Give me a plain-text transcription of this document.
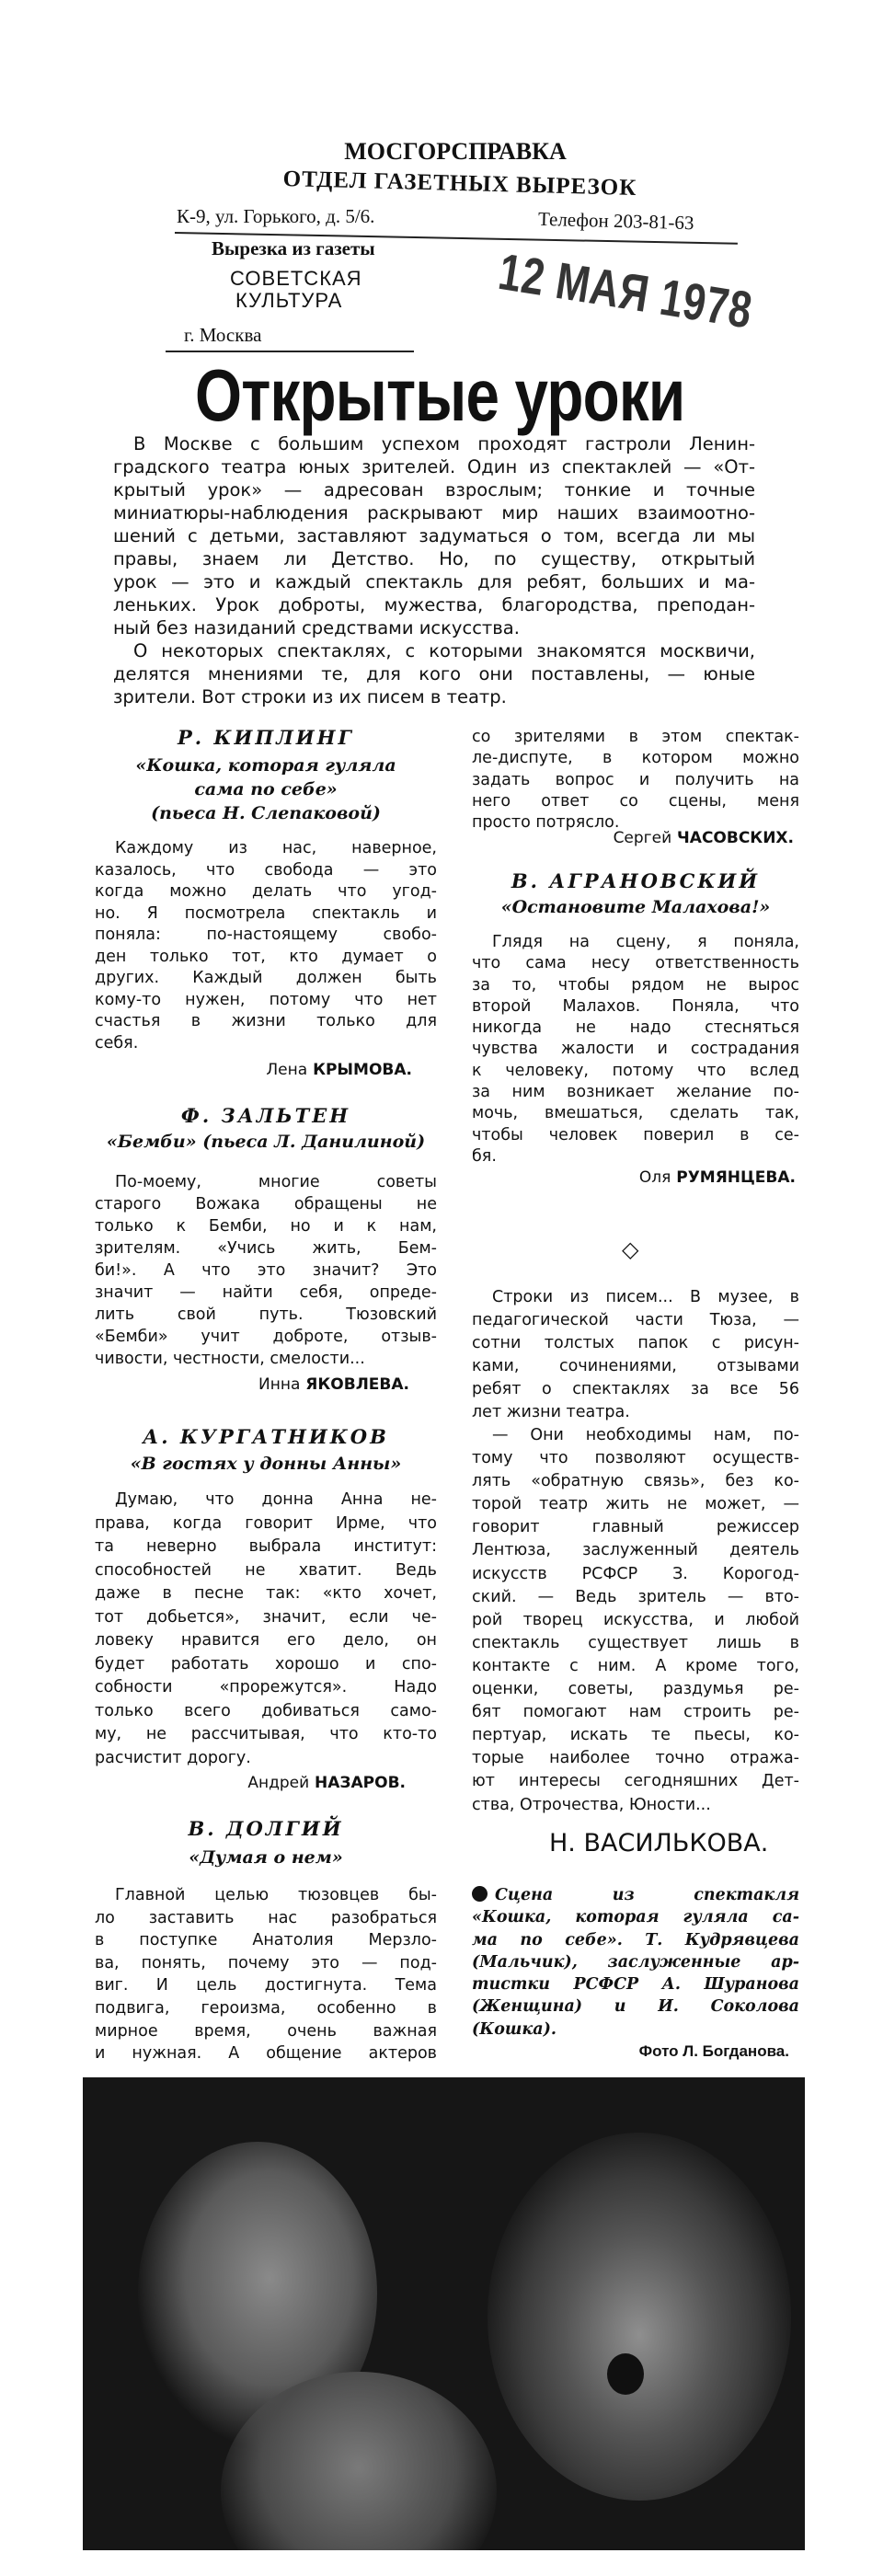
МОСГОРСПРАВКА
ОТДЕЛ ГАЗЕТНЫХ ВЫРЕЗОК
К-9, ул. Горького, д. 5/6.	Телефон 203-81-63
Вырезка из газеты
СОВЕТСКАЯ
КУЛЬТУРА
г. Москва	12 МАЯ 1978
Открытые уроки
В Москве с большим успехом проходят гастроли Ленин-
градского театра юных зрителей. Один из спектаклей — «От-
крытый урок» — адресован взрослым; тонкие и точные
миниатюры-наблюдения раскрывают мир наших взаимоотно-
шений с детьми, заставляют задуматься о том, всегда ли мы
правы, знаем ли Детство. Но, по существу, открытый
урок — это и каждый спектакль для ребят, больших и ма-
леньких. Урок доброты, мужества, благородства, преподан-
ный без назиданий средствами искусства.
О некоторых спектаклях, с которыми знакомятся москвичи,
делятся мнениями те, для кого они поставлены, — юные
зрители. Вот строки из их писем в театр.
Р. КИПЛИНГ
«Кошка, которая гуляла
сама по себе»
(пьеса Н. Слепаковой)
Каждому из нас, наверное,
казалось, что свобода — это
когда можно делать что угод-
но. Я посмотрела спектакль и
поняла: по-настоящему свобо-
ден только тот, кто думает о
других. Каждый должен быть
кому-то нужен, потому что нет
счастья в жизни только для
себя.
Лена КРЫМОВА.
Ф. ЗАЛЬТЕН
«Бемби» (пьеса Л. Данилиной)
По-моему, многие советы
старого Вожака обращены не
только к Бемби, но и к нам,
зрителям. «Учись жить, Бем-
би!». А что это значит? Это
значит — найти себя, опреде-
лить свой путь. Тюзовский
«Бемби» учит доброте, отзыв-
чивости, честности, смелости...
Инна ЯКОВЛЕВА.
А. КУРГАТНИКОВ
«В гостях у донны Анны»
Думаю, что донна Анна не-
права, когда говорит Ирме, что
та неверно выбрала институт:
способностей не хватит. Ведь
даже в песне так: «кто хочет,
тот добьется», значит, если че-
ловеку нравится его дело, он
будет работать хорошо и спо-
собности «прорежутся». Надо
только всего добиваться само-
му, не рассчитывая, что кто-то
расчистит дорогу.
Андрей НАЗАРОВ.
В. ДОЛГИЙ
«Думая о нем»
Главной целью тюзовцев бы-
ло заставить нас разобраться
в поступке Анатолия Мерзло-
ва, понять, почему это — под-
виг. И цель достигнута. Тема
подвига, героизма, особенно в
мирное время, очень важная
и нужная. А общение актеров
со зрителями в этом спектак-
ле-диспуте, в котором можно
задать вопрос и получить на
него ответ со сцены, меня
просто потрясло.
Сергей ЧАСОВСКИХ.
В. АГРАНОВСКИЙ
«Остановите Малахова!»
Глядя на сцену, я поняла,
что сама несу ответственность
за то, чтобы рядом не вырос
второй Малахов. Поняла, что
никогда не надо стесняться
чувства жалости и сострадания
к человеку, потому что вслед
за ним возникает желание по-
мочь, вмешаться, сделать так,
чтобы человек поверил в се-
бя.
Оля РУМЯНЦЕВА.
◇
Строки из писем... В музее, в
педагогической части Тюза, —
сотни толстых папок с рисун-
ками, сочинениями, отзывами
ребят о спектаклях за все 56
лет жизни театра.
— Они необходимы нам, по-
тому что позволяют осуществ-
лять «обратную связь», без ко-
торой театр жить не может, —
говорит главный режиссер
Лентюза, заслуженный деятель
искусств РСФСР З. Корогод-
ский. — Ведь зритель — вто-
рой творец искусства, и любой
спектакль существует лишь в
контакте с ним. А кроме того,
оценки, советы, раздумья ре-
бят помогают нам строить ре-
пертуар, искать те пьесы, ко-
торые наиболее точно отража-
ют интересы сегодняшних Дет-
ства, Отрочества, Юности...
Н. ВАСИЛЬКОВА.
Сцена из спектакля
«Кошка, которая гуляла са-
ма по себе». Т. Кудрявцева
(Мальчик), заслуженные ар-
тистки РСФСР А. Шуранова
(Женщина) и И. Соколова
(Кошка).
Фото Л. Богданова.
